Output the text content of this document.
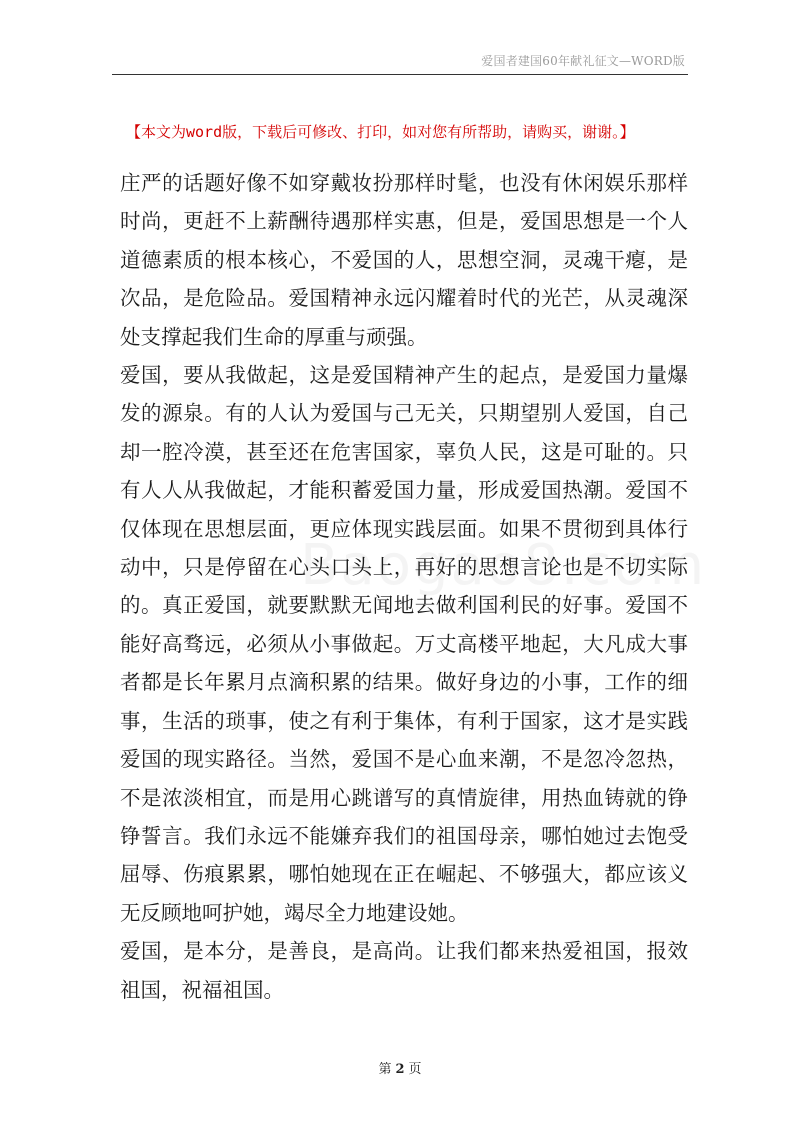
爱国者建国60年献礼征文—WORD版
【本文为word版，下载后可修改、打印，如对您有所帮助，请购买，谢谢。】

庄严的话题好像不如穿戴妆扮那样时髦，也没有休闲娱乐那样时尚，更赶不上薪酬待遇那样实惠，但是，爱国思想是一个人道德素质的根本核心，不爱国的人，思想空洞，灵魂干瘪，是次品，是危险品。爱国精神永远闪耀着时代的光芒，从灵魂深处支撑起我们生命的厚重与顽强。

爱国，要从我做起，这是爱国精神产生的起点，是爱国力量爆发的源泉。有的人认为爱国与己无关，只期望别人爱国，自己却一腔冷漠，甚至还在危害国家，辜负人民，这是可耻的。只有人人从我做起，才能积蓄爱国力量，形成爱国热潮。爱国不仅体现在思想层面，更应体现实践层面。如果不贯彻到具体行动中，只是停留在心头口头上，再好的思想言论也是不切实际的。真正爱国，就要默默无闻地去做利国利民的好事。爱国不能好高骛远，必须从小事做起。万丈高楼平地起，大凡成大事者都是长年累月点滴积累的结果。做好身边的小事，工作的细事，生活的琐事，使之有利于集体，有利于国家，这才是实践爱国的现实路径。当然，爱国不是心血来潮，不是忽冷忽热，不是浓淡相宜，而是用心跳谱写的真情旋律，用热血铸就的铮铮誓言。我们永远不能嫌弃我们的祖国母亲，哪怕她过去饱受屈辱、伤痕累累，哪怕她现在正在崛起、不够强大，都应该义无反顾地呵护她，竭尽全力地建设她。

爱国，是本分，是善良，是高尚。让我们都来热爱祖国，报效祖国，祝福祖国。

第 2 页
